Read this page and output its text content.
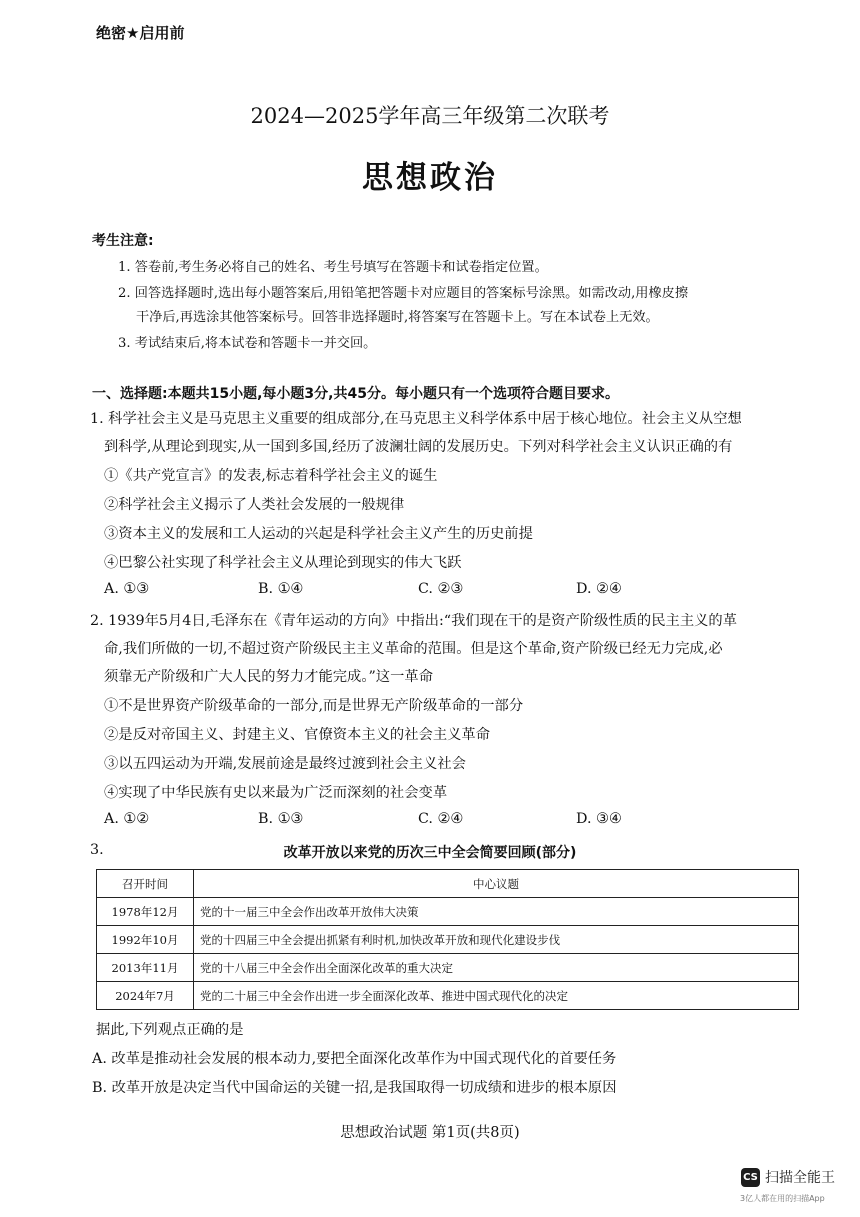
绝密★启用前
2024—2025学年高三年级第二次联考
思想政治
考生注意:
1. 答卷前,考生务必将自己的姓名、考生号填写在答题卡和试卷指定位置。
2. 回答选择题时,选出每小题答案后,用铅笔把答题卡对应题目的答案标号涂黑。如需改动,用橡皮擦
干净后,再选涂其他答案标号。回答非选择题时,将答案写在答题卡上。写在本试卷上无效。
3. 考试结束后,将本试卷和答题卡一并交回。
一、选择题:本题共15小题,每小题3分,共45分。每小题只有一个选项符合题目要求。
1. 科学社会主义是马克思主义重要的组成部分,在马克思主义科学体系中居于核心地位。社会主义从空想
到科学,从理论到现实,从一国到多国,经历了波澜壮阔的发展历史。下列对科学社会主义认识正确的有
①《共产党宣言》的发表,标志着科学社会主义的诞生
②科学社会主义揭示了人类社会发展的一般规律
③资本主义的发展和工人运动的兴起是科学社会主义产生的历史前提
④巴黎公社实现了科学社会主义从理论到现实的伟大飞跃
A. ①③	B. ①④	C. ②③	D. ②④
2. 1939年5月4日,毛泽东在《青年运动的方向》中指出:“我们现在干的是资产阶级性质的民主主义的革
命,我们所做的一切,不超过资产阶级民主主义革命的范围。但是这个革命,资产阶级已经无力完成,必
须靠无产阶级和广大人民的努力才能完成。”这一革命
①不是世界资产阶级革命的一部分,而是世界无产阶级革命的一部分
②是反对帝国主义、封建主义、官僚资本主义的社会主义革命
③以五四运动为开端,发展前途是最终过渡到社会主义社会
④实现了中华民族有史以来最为广泛而深刻的社会变革
A. ①②	B. ①③	C. ②④	D. ③④
3.	改革开放以来党的历次三中全会简要回顾(部分)
召开时间	中心议题
1978年12月	党的十一届三中全会作出改革开放伟大决策
1992年10月	党的十四届三中全会提出抓紧有利时机,加快改革开放和现代化建设步伐
2013年11月	党的十八届三中全会作出全面深化改革的重大决定
2024年7月	党的二十届三中全会作出进一步全面深化改革、推进中国式现代化的决定
据此,下列观点正确的是
A. 改革是推动社会发展的根本动力,要把全面深化改革作为中国式现代化的首要任务
B. 改革开放是决定当代中国命运的关键一招,是我国取得一切成绩和进步的根本原因
思想政治试题 第1页(共8页)
CS 扫描全能王
3亿人都在用的扫描App
